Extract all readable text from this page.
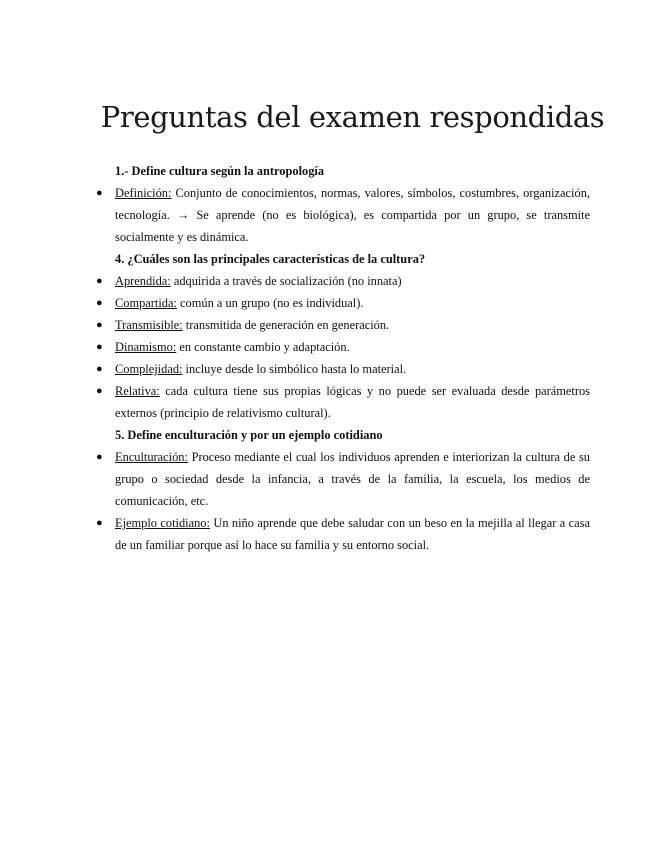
Preguntas del examen respondidas
1.- Define cultura según la antropología
● Definición: Conjunto de conocimientos, normas, valores, símbolos, costumbres, organización, tecnología. → Se aprende (no es biológica), es compartida por un grupo, se transmite socialmente y es dinámica.
4. ¿Cuáles son las principales características de la cultura?
● Aprendida: adquirida a través de socialización (no innata)
● Compartida: común a un grupo (no es individual).
● Transmisible: transmitida de generación en generación.
● Dinamismo: en constante cambio y adaptación.
● Complejidad: incluye desde lo simbólico hasta lo material.
● Relativa: cada cultura tiene sus propias lógicas y no puede ser evaluada desde parámetros externos (principio de relativismo cultural).
5. Define enculturación y por un ejemplo cotidiano
● Enculturación: Proceso mediante el cual los individuos aprenden e interiorizan la cultura de su grupo o sociedad desde la infancia, a través de la familia, la escuela, los medios de comunicación, etc.
● Ejemplo cotidiano: Un niño aprende que debe saludar con un beso en la mejilla al llegar a casa de un familiar porque así lo hace su familia y su entorno social.
